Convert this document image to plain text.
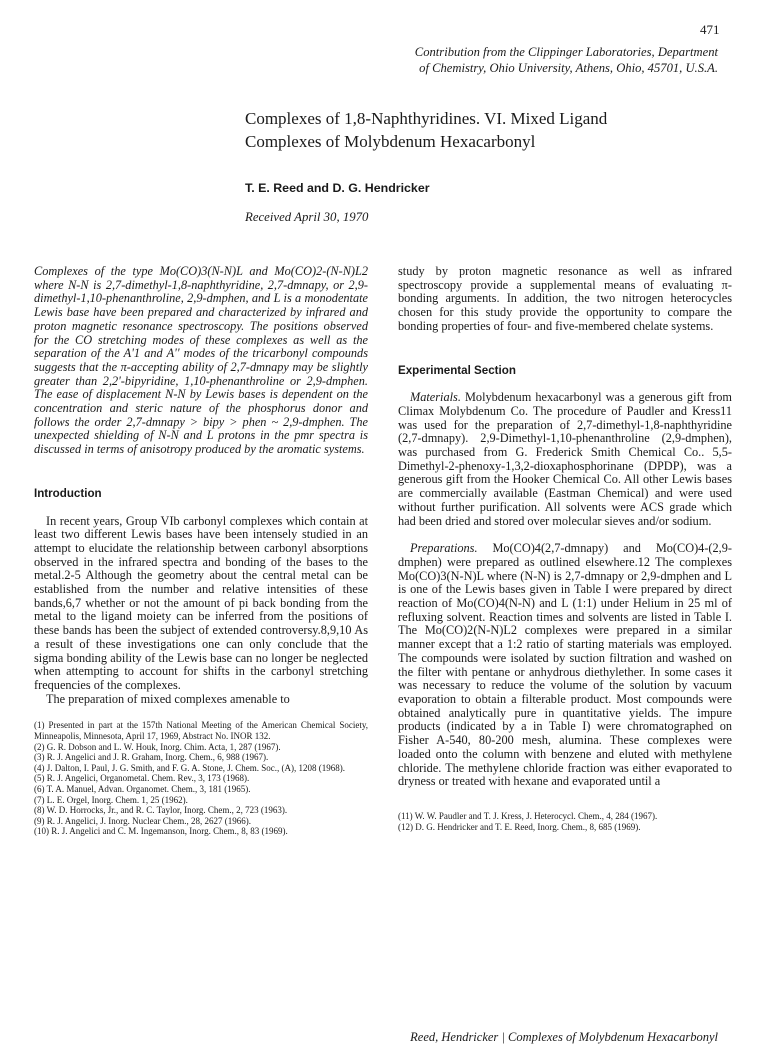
471
Contribution from the Clippinger Laboratories, Department
of Chemistry, Ohio University, Athens, Ohio, 45701, U.S.A.
Complexes of 1,8-Naphthyridines. VI. Mixed Ligand
Complexes of Molybdenum Hexacarbonyl
T. E. Reed and D. G. Hendricker
Received April 30, 1970
Complexes of the type Mo(CO)3(N-N)L and Mo(CO)2-(N-N)L2 where N-N is 2,7-dimethyl-1,8-naphthyridine, 2,7-dmnapy, or 2,9-dimethyl-1,10-phenanthroline, 2,9-dmphen, and L is a monodentate Lewis base have been prepared and characterized by infrared and proton magnetic resonance spectroscopy. The positions observed for the CO stretching modes of these complexes as well as the separation of the A'1 and A'' modes of the tricarbonyl compounds suggests that the π-accepting ability of 2,7-dmnapy may be slightly greater than 2,2'-bipyridine, 1,10-phenanthroline or 2,9-dmphen. The ease of displacement N-N by Lewis bases is dependent on the concentration and steric nature of the phosphorus donor and follows the order 2,7-dmnapy > bipy > phen ~ 2,9-dmphen. The unexpected shielding of N-N and L protons in the pmr spectra is discussed in terms of anisotropy produced by the aromatic systems.
Introduction

In recent years, Group VIb carbonyl complexes which contain at least two different Lewis bases have been intensely studied in an attempt to elucidate the relationship between carbonyl absorptions observed in the infrared spectra and bonding of the bases to the metal.2-5 Although the geometry about the central metal can be established from the number and relative intensities of these bands,6,7 whether or not the amount of pi back bonding from the metal to the ligand moiety can be inferred from the positions of these bands has been the subject of extended controversy.8,9,10 As a result of these investigations one can only conclude that the sigma bonding ability of the Lewis base can no longer be neglected when attempting to account for shifts in the carbonyl stretching frequencies of the complexes.

The preparation of mixed complexes amenable to

(1) Presented in part at the 157th National Meeting of the American Chemical Society, Minneapolis, Minnesota, April 17, 1969, Abstract No. INOR 132.
(2) G. R. Dobson and L. W. Houk, Inorg. Chim. Acta, 1, 287 (1967).
(3) R. J. Angelici and J. R. Graham, Inorg. Chem., 6, 988 (1967).
(4) J. Dalton, I. Paul, J. G. Smith, and F. G. A. Stone, J. Chem. Soc., (A), 1208 (1968).
(5) R. J. Angelici, Organometal. Chem. Rev., 3, 173 (1968).
(6) T. A. Manuel, Advan. Organomet. Chem., 3, 181 (1965).
(7) L. E. Orgel, Inorg. Chem. 1, 25 (1962).
(8) W. D. Horrocks, Jr., and R. C. Taylor, Inorg. Chem., 2, 723 (1963).
(9) R. J. Angelici, J. Inorg. Nuclear Chem., 28, 2627 (1966).
(10) R. J. Angelici and C. M. Ingemanson, Inorg. Chem., 8, 83 (1969).

study by proton magnetic resonance as well as infrared spectroscopy provide a supplemental means of evaluating π-bonding arguments. In addition, the two nitrogen heterocycles chosen for this study provide the opportunity to compare the bonding properties of four- and five-membered chelate systems.

Experimental Section

Materials. Molybdenum hexacarbonyl was a generous gift from Climax Molybdenum Co. The procedure of Paudler and Kress11 was used for the preparation of 2,7-dimethyl-1,8-naphthyridine (2,7-dmnapy). 2,9-Dimethyl-1,10-phenanthroline (2,9-dmphen), was purchased from G. Frederick Smith Chemical Co.. 5,5-Dimethyl-2-phenoxy-1,3,2-dioxaphosphorinane (DPDP), was a generous gift from the Hooker Chemical Co. All other Lewis bases are commercially available (Eastman Chemical) and were used without further purification. All solvents were ACS grade which had been dried and stored over molecular sieves and/or sodium.

Preparations. Mo(CO)4(2,7-dmnapy) and Mo(CO)4-(2,9-dmphen) were prepared as outlined elsewhere.12 The complexes Mo(CO)3(N-N)L where (N-N) is 2,7-dmnapy or 2,9-dmphen and L is one of the Lewis bases given in Table I were prepared by direct reaction of Mo(CO)4(N-N) and L (1:1) under Helium in 25 ml of refluxing solvent. Reaction times and solvents are listed in Table I. The Mo(CO)2(N-N)L2 complexes were prepared in a similar manner except that a 1:2 ratio of starting materials was employed. The compounds were isolated by suction filtration and washed on the filter with pentane or anhydrous diethylether. In some cases it was necessary to reduce the volume of the solution by vacuum evaporation to obtain a filterable product. Most compounds were obtained analytically pure in quantitative yields. The impure products (indicated by a in Table I) were chromatographed on Fisher A-540, 80-200 mesh, alumina. These complexes were loaded onto the column with benzene and eluted with methylene chloride. The methylene chloride fraction was either evaporated to dryness or treated with hexane and evaporated until a

(11) W. W. Paudler and T. J. Kress, J. Heterocycl. Chem., 4, 284 (1967).
(12) D. G. Hendricker and T. E. Reed, Inorg. Chem., 8, 685 (1969).
Reed, Hendricker | Complexes of Molybdenum Hexacarbonyl
